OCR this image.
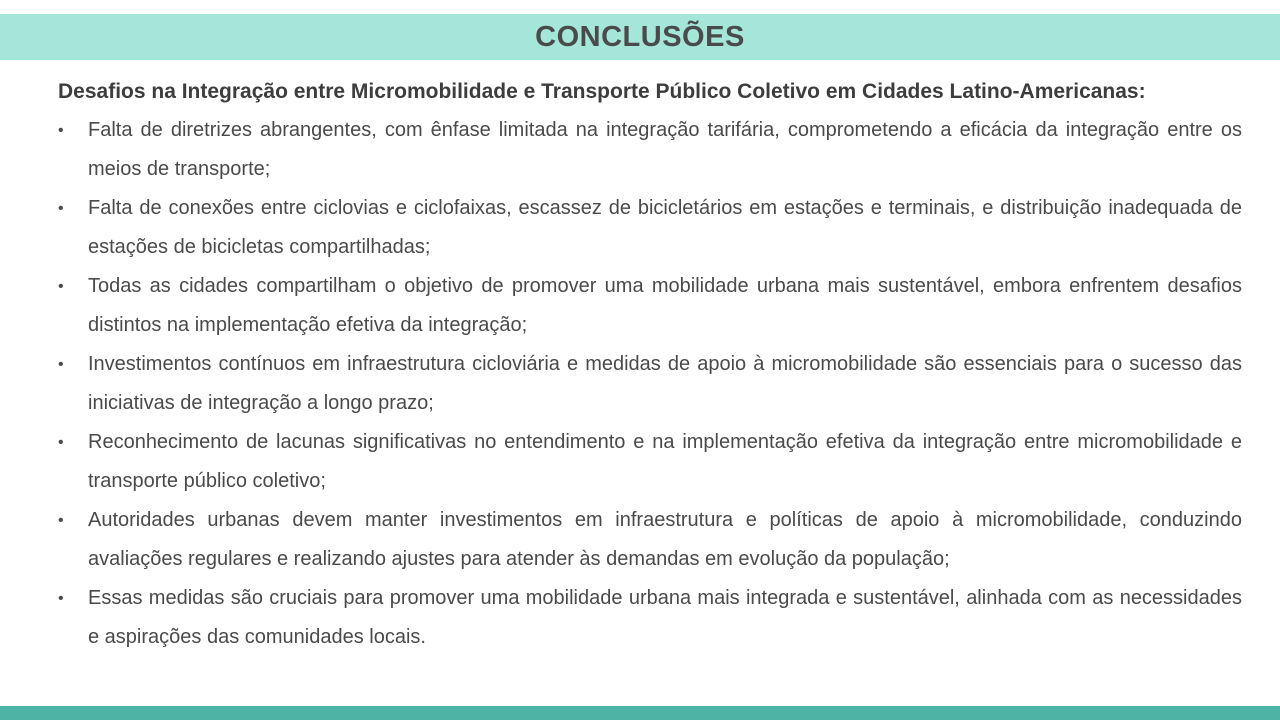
CONCLUSÕES

Desafios na Integração entre Micromobilidade e Transporte Público Coletivo em Cidades Latino-Americanas:

•	Falta de diretrizes abrangentes, com ênfase limitada na integração tarifária, comprometendo a eficácia da integração entre os meios de transporte;
•	Falta de conexões entre ciclovias e ciclofaixas, escassez de bicicletários em estações e terminais, e distribuição inadequada de estações de bicicletas compartilhadas;
•	Todas as cidades compartilham o objetivo de promover uma mobilidade urbana mais sustentável, embora enfrentem desafios distintos na implementação efetiva da integração;
•	Investimentos contínuos em infraestrutura cicloviária e medidas de apoio à micromobilidade são essenciais para o sucesso das iniciativas de integração a longo prazo;
•	Reconhecimento de lacunas significativas no entendimento e na implementação efetiva da integração entre micromobilidade e transporte público coletivo;
•	Autoridades urbanas devem manter investimentos em infraestrutura e políticas de apoio à micromobilidade, conduzindo avaliações regulares e realizando ajustes para atender às demandas em evolução da população;
•	Essas medidas são cruciais para promover uma mobilidade urbana mais integrada e sustentável, alinhada com as necessidades e aspirações das comunidades locais.
